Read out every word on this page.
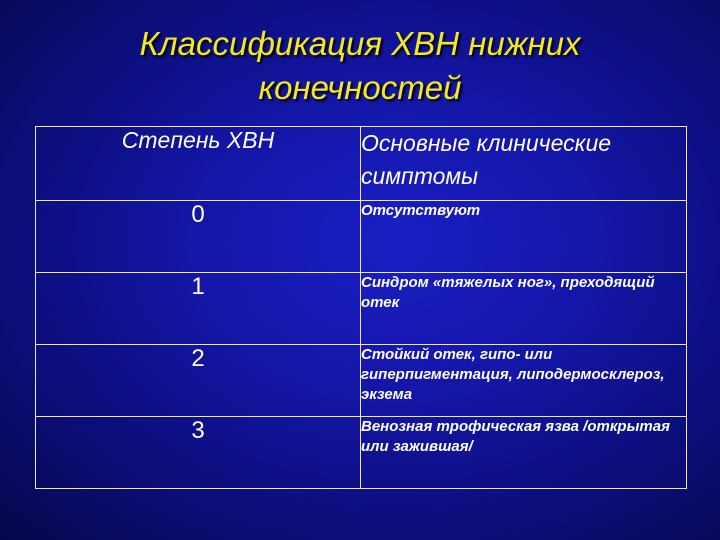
Классификация ХВН нижних конечностей
Степень ХВН	Основные клинические симптомы
0	Отсутствуют
1	Синдром «тяжелых ног», преходящий отек
2	Стойкий отек, гипо- или гиперпигментация, липодермосклероз, экзема
3	Венозная трофическая язва /открытая или зажившая/
